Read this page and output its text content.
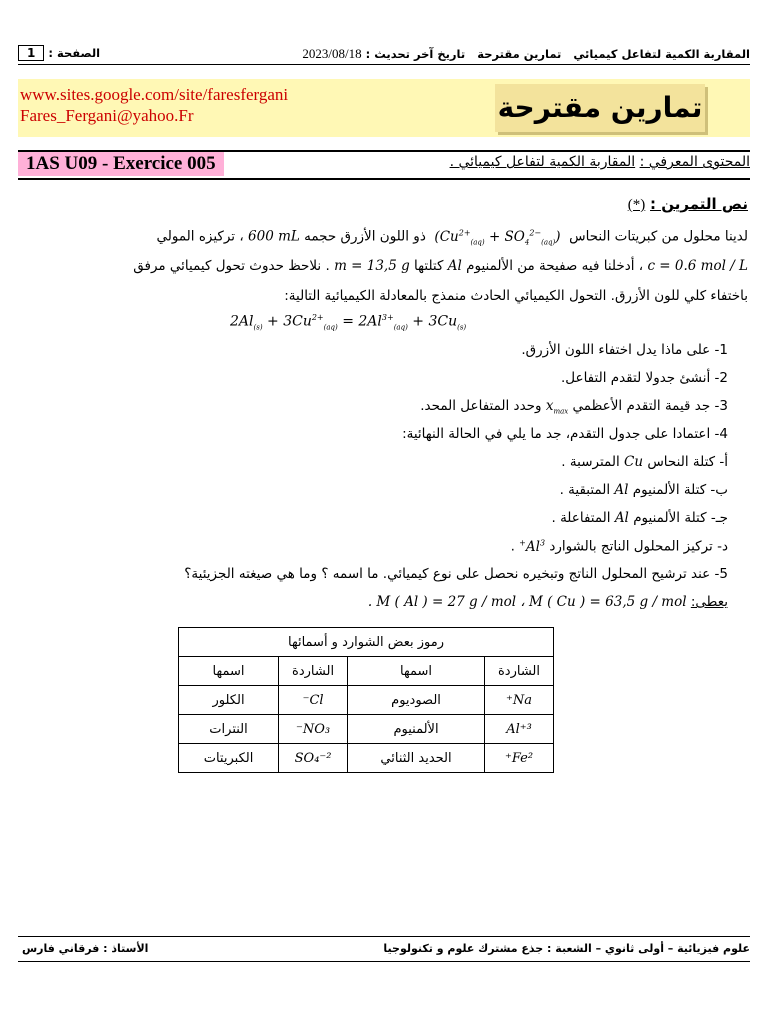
المقاربة الكمية لتفاعل كيميائي   تمارين مقترحة   تاريخ آخر تحديث : 2023/08/18
الصفحة : 1
www.sites.google.com/site/faresfergani
Fares_Fergani@yahoo.Fr	تمارين مقترحة
1AS U09 - Exercice 005	المحتوى المعرفي : المقاربة الكمية لتفاعل كيميائي .
نص التمرين : (*)
لدينا محلول من كبريتات النحاس  $(Cu^{2+}_{(aq)} + SO_4^{2-}_{(aq)})$  ذو اللون الأزرق حجمه 600 mL ، تركيزه المولي
c = 0.6 mol / L ، أدخلنا فيه صفيحة من الألمنيوم Al كتلتها m = 13,5 g . نلاحظ حدوث تحول كيميائي مرفق
باختفاء كلي للون الأزرق. التحول الكيميائي الحادث منمذج بالمعادلة الكيميائية التالية:
$2Al_{(s)} + 3Cu^{2+}_{(aq)} = 2Al^{3+}_{(aq)} + 3Cu_{(s)}$
1- على ماذا يدل اختفاء اللون الأزرق.
2- أنشئ جدولا لتقدم التفاعل.
3- جد قيمة التقدم الأعظمي $x_{max}$ وحدد المتفاعل المحد.
4- اعتمادا على جدول التقدم، جد ما يلي في الحالة النهائية:
أ- كتلة النحاس Cu المترسبة .
ب- كتلة الألمنيوم Al المتبقية .
جـ- كتلة الألمنيوم Al المتفاعلة .
د- تركيز المحلول الناتج بالشوارد $Al^{3+}$ .
5- عند ترشيح المحلول الناتج وتبخيره نحصل على نوع كيميائي. ما اسمه ؟ وما هي صيغته الجزيئية؟
يعطى: . M ( Al ) = 27 g / mol ، M ( Cu ) = 63,5 g / mol
رموز بعض الشوارد و أسمائها			
الشاردة	اسمها	الشاردة	اسمها
Na⁺	الصوديوم	Cl⁻	الكلور
Al⁺³	الألمنيوم	NO₃⁻	النترات
Fe²⁺	الحديد الثنائي	SO₄⁻²	الكبريتات
علوم فيزيائية – أولى ثانوي – الشعبة : جذع مشترك علوم و تكنولوجيا
الأستاذ : فرقاني فارس
